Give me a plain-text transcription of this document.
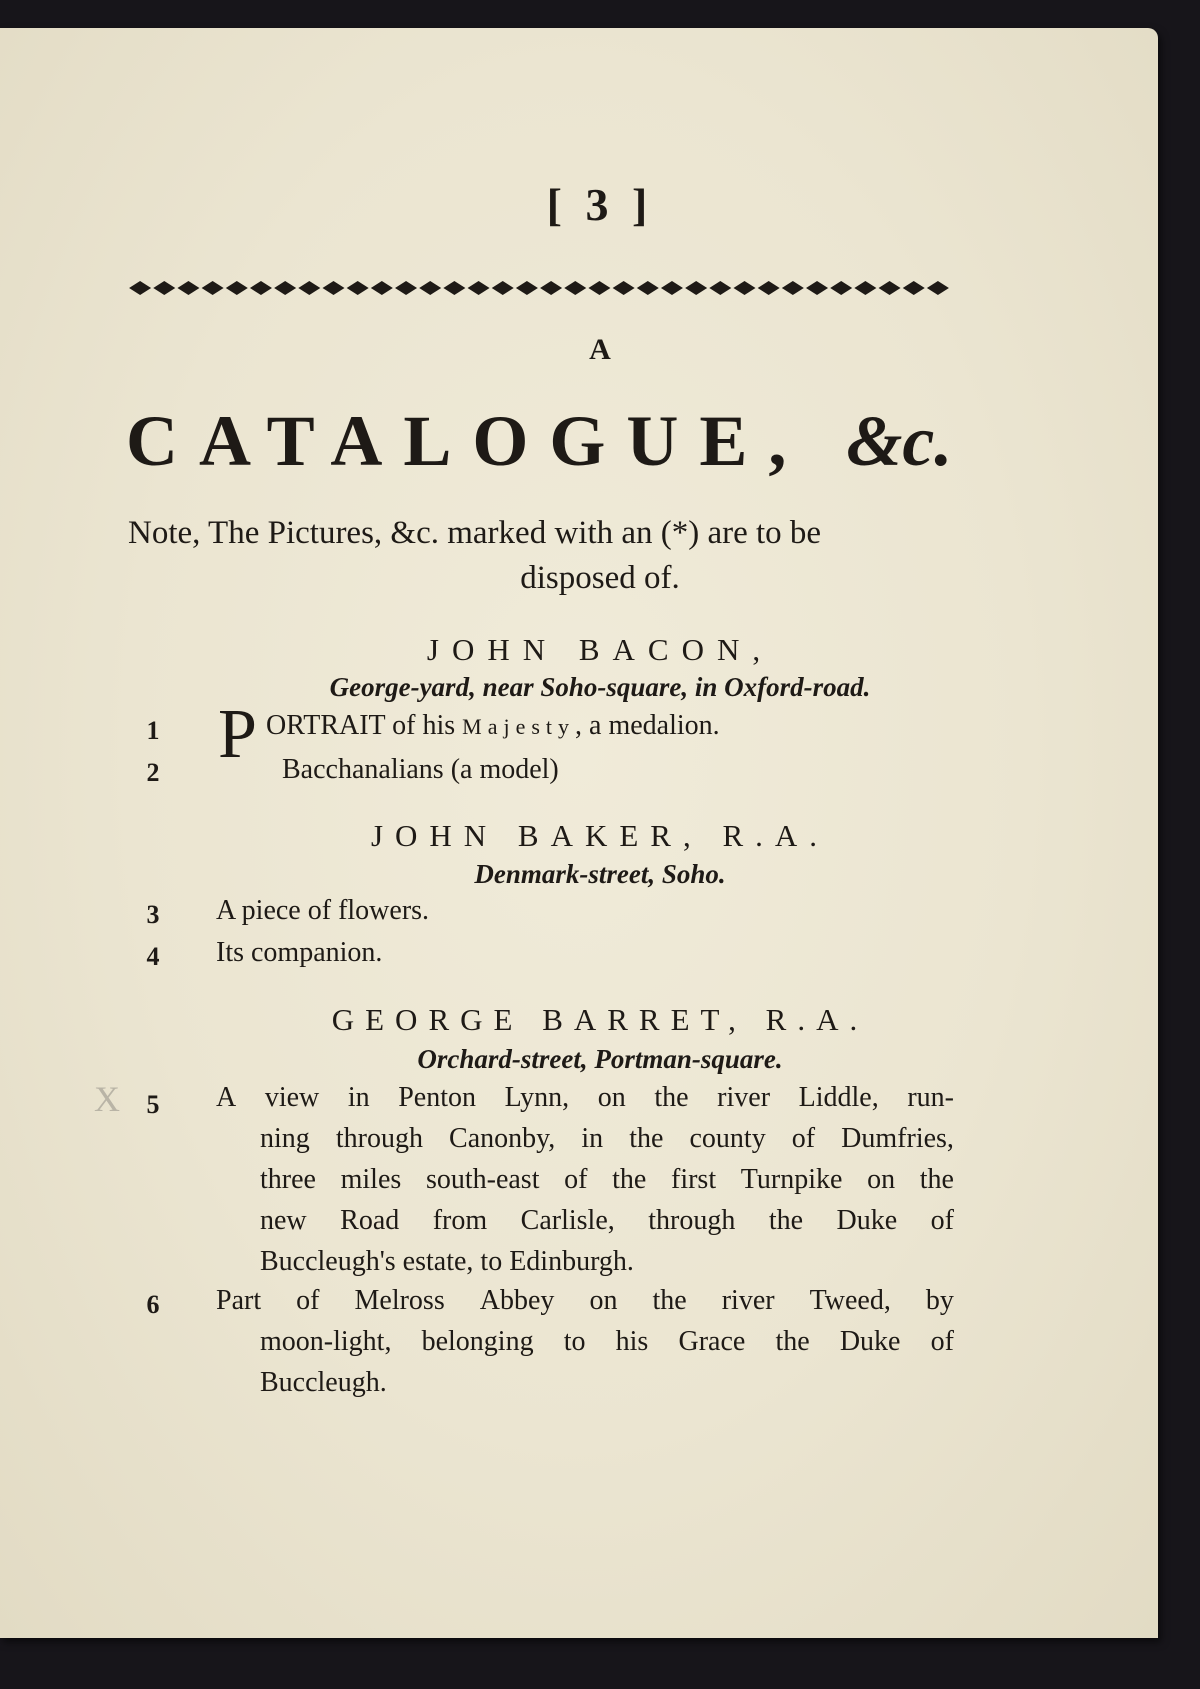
[ 3 ]
A
CATALOGUE, &c.
Note, The Pictures, &c. marked with an (*) are to be
disposed of.
JOHN BACON,
George-yard, near Soho-square, in Oxford-road.
1 P ORTRAIT of his Majesty, a medalion.
2	Bacchanalians (a model)
JOHN BAKER, R.A.
Denmark-street, Soho.
3	A piece of flowers.
4	Its companion.
GEORGE BARRET, R.A.
Orchard-street, Portman-square.
X	5	A view in Penton Lynn, on the river Liddle, run-
ning through Canonby, in the county of Dumfries,
three miles south-east of the first Turnpike on the
new Road from Carlisle, through the Duke of
Buccleugh's estate, to Edinburgh.
6	Part of Melross Abbey on the river Tweed, by
moon-light, belonging to his Grace the Duke of
Buccleugh.
